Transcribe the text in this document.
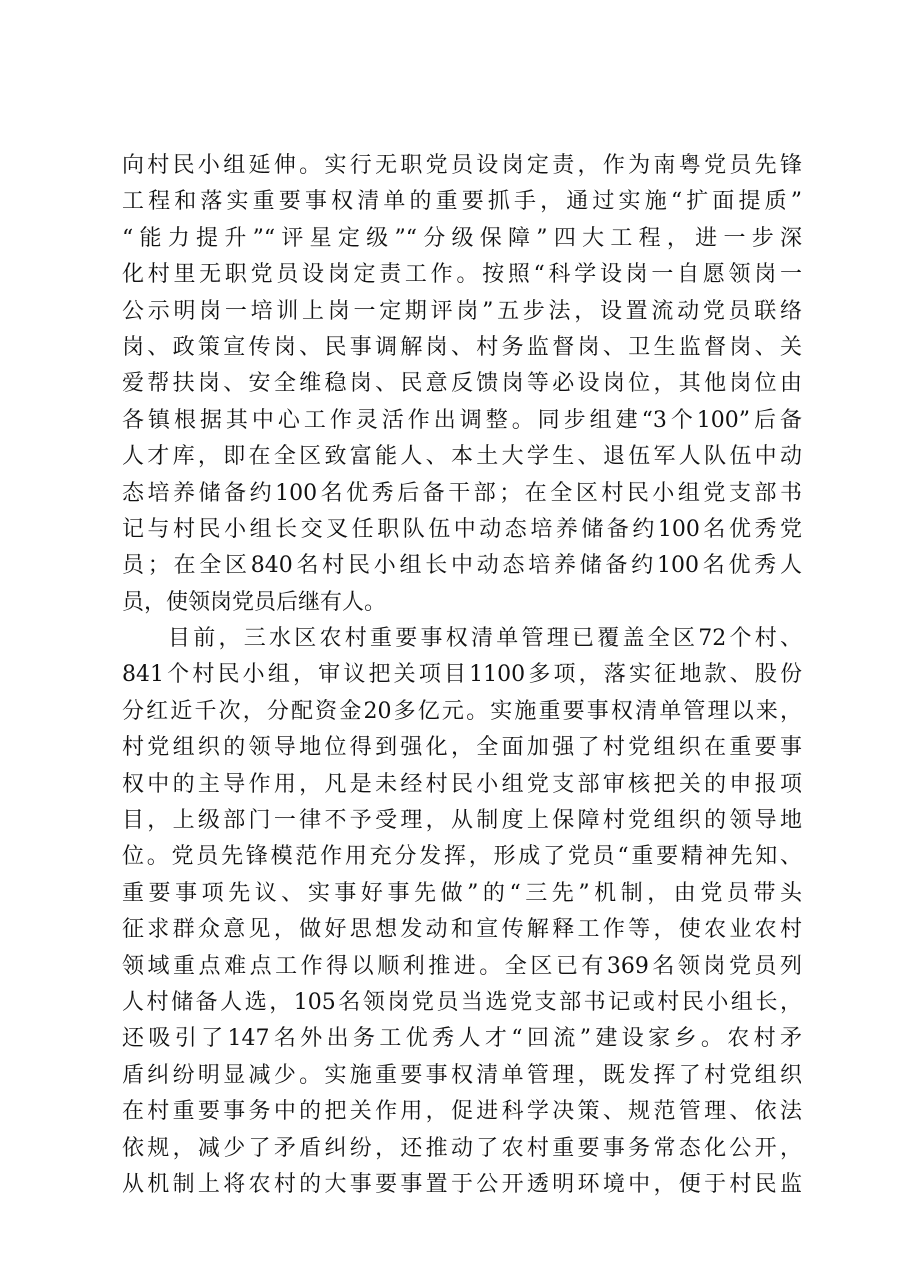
向村民小组延伸。实行无职党员设岗定责，作为南粤党员先锋
工程和落实重要事权清单的重要抓手，通过实施“扩面提质”
“能力提升”“评星定级”“分级保障”四大工程，进一步深
化村里无职党员设岗定责工作。按照“科学设岗一自愿领岗一
公示明岗一培训上岗一定期评岗”五步法，设置流动党员联络
岗、政策宣传岗、民事调解岗、村务监督岗、卫生监督岗、关
爱帮扶岗、安全维稳岗、民意反馈岗等必设岗位，其他岗位由
各镇根据其中心工作灵活作出调整。同步组建“3个100”后备
人才库，即在全区致富能人、本土大学生、退伍军人队伍中动
态培养储备约100名优秀后备干部；在全区村民小组党支部书
记与村民小组长交叉任职队伍中动态培养储备约100名优秀党
员；在全区840名村民小组长中动态培养储备约100名优秀人
员，使领岗党员后继有人。
目前，三水区农村重要事权清单管理已覆盖全区72个村、
841个村民小组，审议把关项目1100多项，落实征地款、股份
分红近千次，分配资金20多亿元。实施重要事权清单管理以来，
村党组织的领导地位得到强化，全面加强了村党组织在重要事
权中的主导作用，凡是未经村民小组党支部审核把关的申报项
目，上级部门一律不予受理，从制度上保障村党组织的领导地
位。党员先锋模范作用充分发挥，形成了党员“重要精神先知、
重要事项先议、实事好事先做”的“三先”机制，由党员带头
征求群众意见，做好思想发动和宣传解释工作等，使农业农村
领域重点难点工作得以顺利推进。全区已有369名领岗党员列
人村储备人选，105名领岗党员当选党支部书记或村民小组长，
还吸引了147名外出务工优秀人才“回流”建设家乡。农村矛
盾纠纷明显减少。实施重要事权清单管理，既发挥了村党组织
在村重要事务中的把关作用，促进科学决策、规范管理、依法
依规，减少了矛盾纠纷，还推动了农村重要事务常态化公开，
从机制上将农村的大事要事置于公开透明环境中，便于村民监
